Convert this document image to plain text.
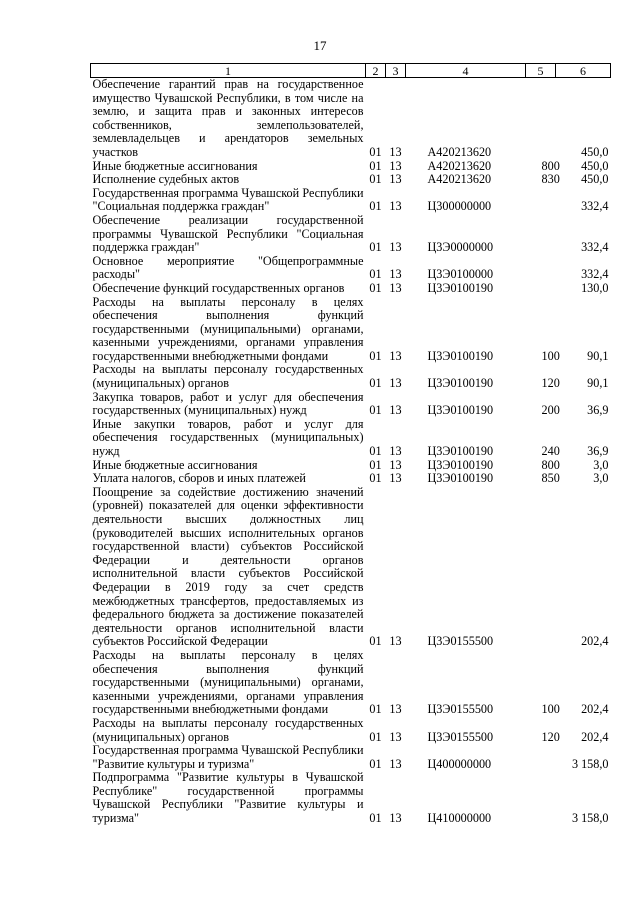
17
1	2	3	4	5	6
Обеспечение гарантий прав на государственное имущество Чувашской Республики, в том числе на землю, и защита прав и законных интересов собственников, землепользователей, землевладельцев и арендаторов земельных участков	01	13	А420213620		450,0
Иные бюджетные ассигнования	01	13	А420213620	800	450,0
Исполнение судебных актов	01	13	А420213620	830	450,0
Государственная программа Чувашской Республики "Социальная поддержка граждан"	01	13	Ц300000000		332,4
Обеспечение реализации государственной программы Чувашской Республики "Социальная поддержка граждан"	01	13	Ц3Э0000000		332,4
Основное мероприятие "Общепрограммные расходы"	01	13	Ц3Э0100000		332,4
Обеспечение функций государственных органов	01	13	Ц3Э0100190		130,0
Расходы на выплаты персоналу в целях обеспечения выполнения функций государственными (муниципальными) органами, казенными учреждениями, органами управления государственными внебюджетными фондами	01	13	Ц3Э0100190	100	90,1
Расходы на выплаты персоналу государственных (муниципальных) органов	01	13	Ц3Э0100190	120	90,1
Закупка товаров, работ и услуг для обеспечения государственных (муниципальных) нужд	01	13	Ц3Э0100190	200	36,9
Иные закупки товаров, работ и услуг для обеспечения государственных (муниципальных) нужд	01	13	Ц3Э0100190	240	36,9
Иные бюджетные ассигнования	01	13	Ц3Э0100190	800	3,0
Уплата налогов, сборов и иных платежей	01	13	Ц3Э0100190	850	3,0
Поощрение за содействие достижению значений (уровней) показателей для оценки эффективности деятельности высших должностных лиц (руководителей высших исполнительных органов государственной власти) субъектов Российской Федерации и деятельности органов исполнительной власти субъектов Российской Федерации в 2019 году за счет средств межбюджетных трансфертов, предоставляемых из федерального бюджета за достижение показателей деятельности органов исполнительной власти субъектов Российской Федерации	01	13	Ц3Э0155500		202,4
Расходы на выплаты персоналу в целях обеспечения выполнения функций государственными (муниципальными) органами, казенными учреждениями, органами управления государственными внебюджетными фондами	01	13	Ц3Э0155500	100	202,4
Расходы на выплаты персоналу государственных (муниципальных) органов	01	13	Ц3Э0155500	120	202,4
Государственная программа Чувашской Республики "Развитие культуры и туризма"	01	13	Ц400000000		3 158,0
Подпрограмма "Развитие культуры в Чувашской Республике" государственной программы Чувашской Республики "Развитие культуры и туризма"	01	13	Ц410000000		3 158,0
